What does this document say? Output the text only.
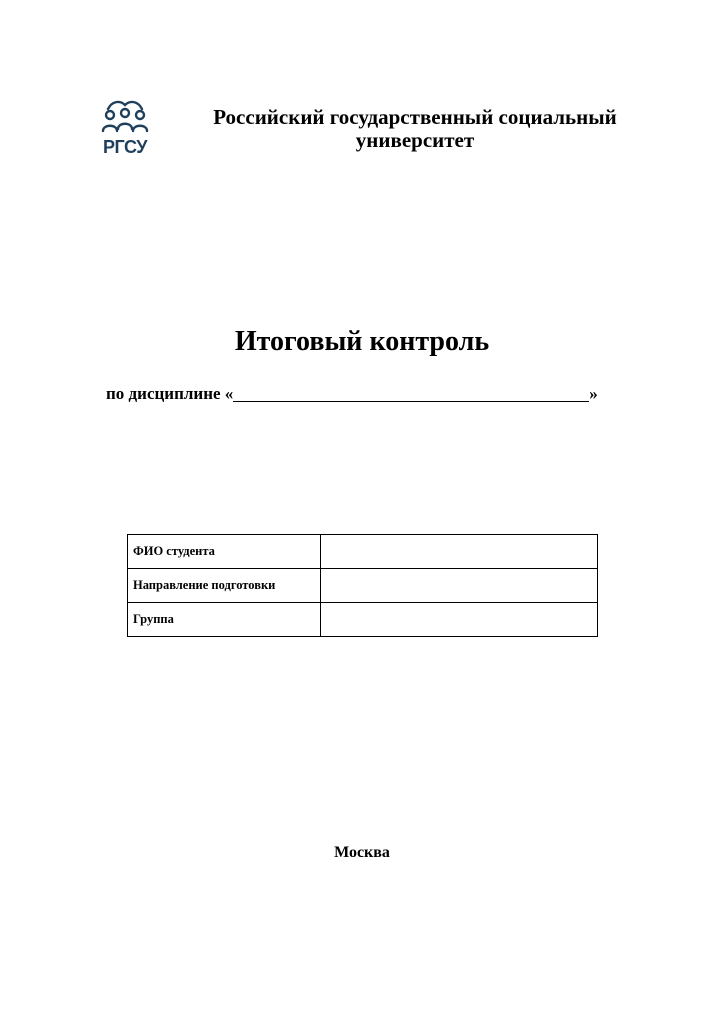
РГСУ
Российский государственный социальный университет
Итоговый контроль
по дисциплине «	»
ФИО студента	
Направление подготовки	
Группа	
Москва
